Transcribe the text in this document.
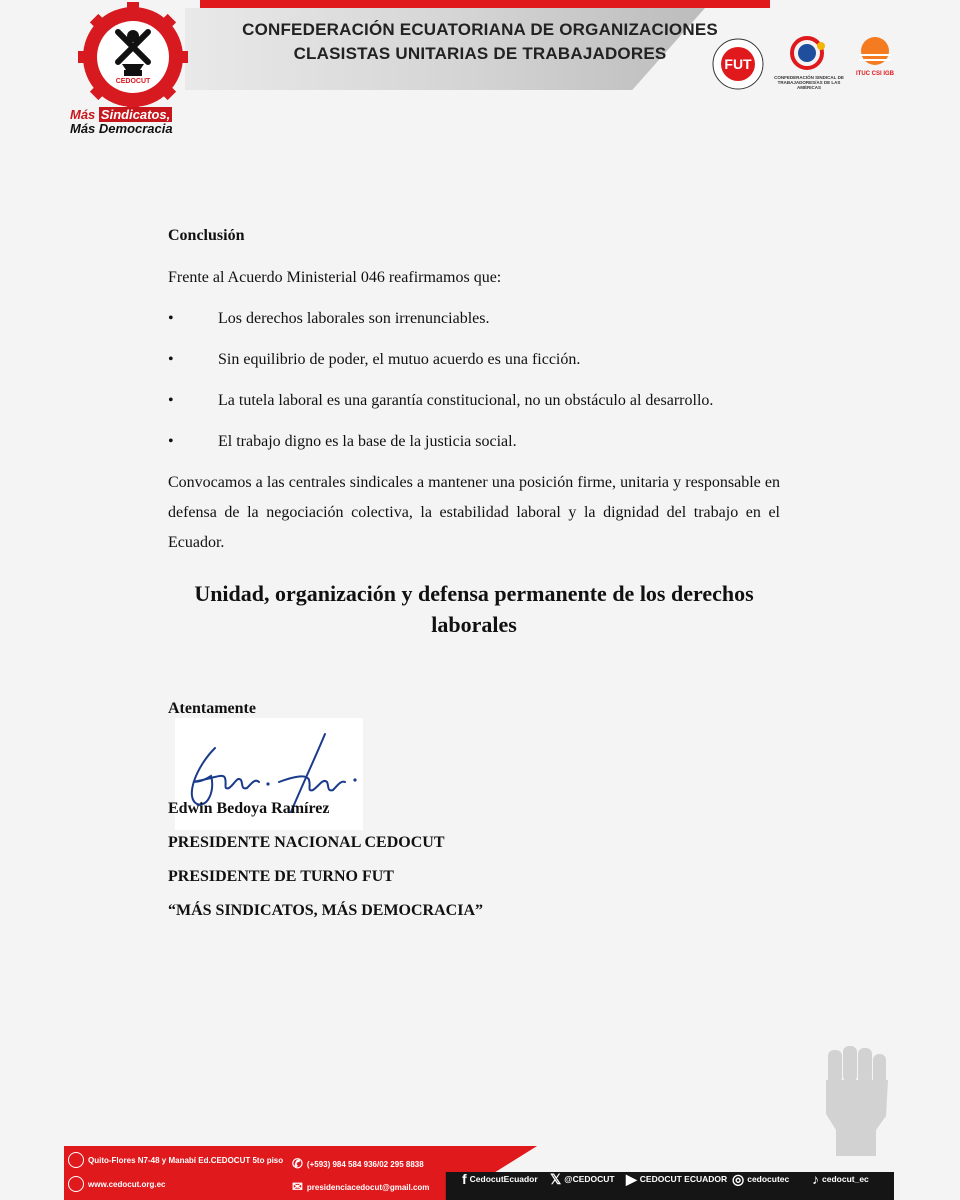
CONFEDERACIÓN ECUATORIANA DE ORGANIZACIONES
CLASISTAS UNITARIAS DE TRABAJADORES
CEDOCUT
Más Sindicatos,
Más Democracia
FUT
CONFEDERACIÓN SINDICAL DE TRABAJADORES/AS DE LAS AMÉRICAS
ITUC CSI IGB

Conclusión

Frente al Acuerdo Ministerial 046 reafirmamos que:

•	Los derechos laborales son irrenunciables.

•	Sin equilibrio de poder, el mutuo acuerdo es una ficción.

•	La tutela laboral es una garantía constitucional, no un obstáculo al desarrollo.

•	El trabajo digno es la base de la justicia social.

Convocamos a las centrales sindicales a mantener una posición firme, unitaria y responsable en defensa de la negociación colectiva, la estabilidad laboral y la dignidad del trabajo en el Ecuador.

Unidad, organización y defensa permanente de los derechos laborales

Atentamente

Edwin Bedoya Ramírez
PRESIDENTE NACIONAL CEDOCUT
PRESIDENTE DE TURNO FUT
“MÁS SINDICATOS, MÁS DEMOCRACIA”
Quito-Flores N7-48 y Manabí Ed.CEDOCUT 5to piso
www.cedocut.org.ec
✆ (+593) 984 584 936/02 295 8838
✉ presidenciacedocut@gmail.com f CedocutEcuador 𝕏 @CEDOCUT ▶ CEDOCUT ECUADOR ◎ cedocutec ♪ cedocut_ec
